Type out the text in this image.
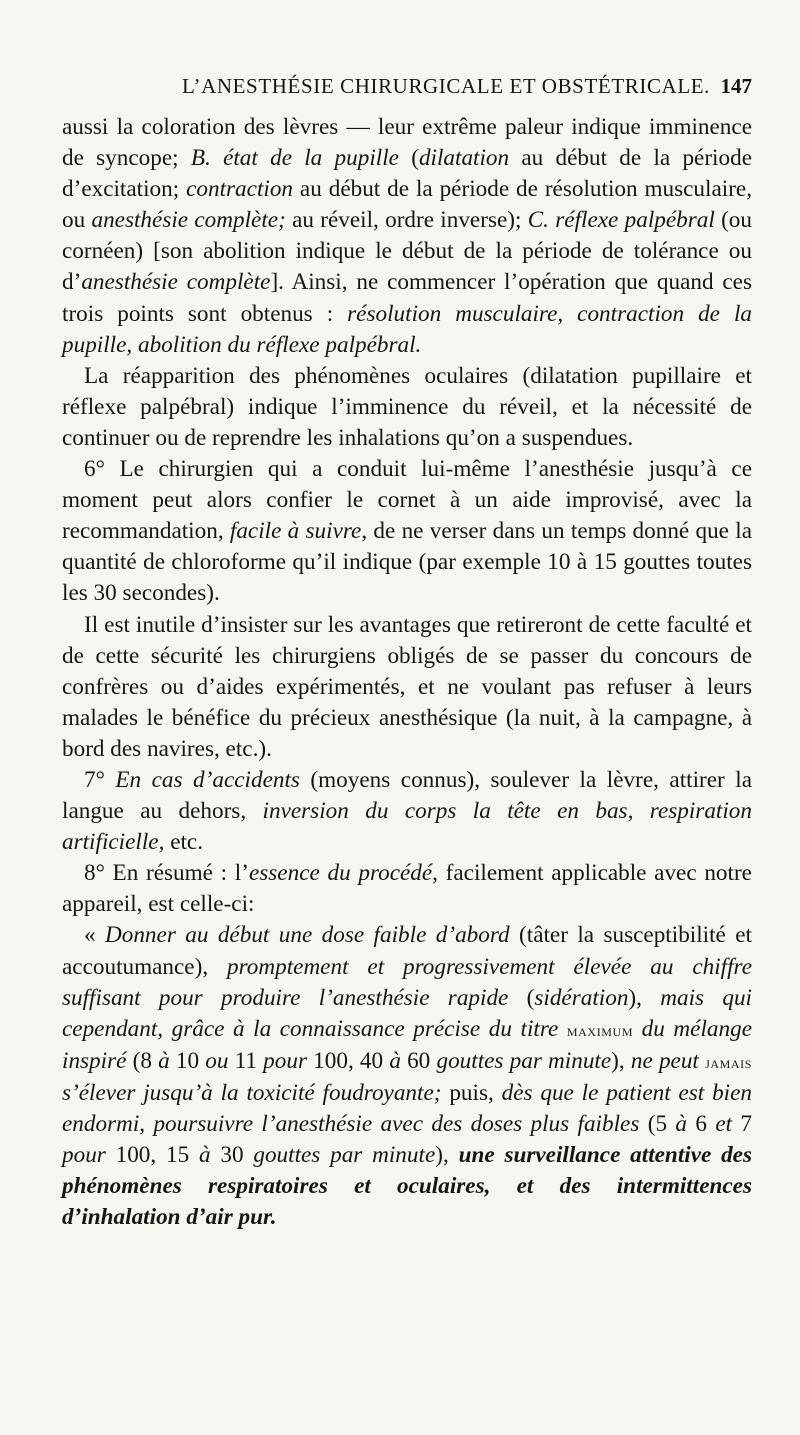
L’ANESTHÉSIE CHIRURGICALE ET OBSTÉTRICALE. 147

aussi la coloration des lèvres — leur extrême paleur indique imminence de syncope; B. état de la pupille (dilatation au début de la période d’excitation; contraction au début de la période de résolution musculaire, ou anesthésie complète; au réveil, ordre inverse); C. réflexe palpébral (ou cornéen) [son abolition indique le début de la période de tolérance ou d’anesthésie complète]. Ainsi, ne commencer l’opération que quand ces trois points sont obtenus : résolution musculaire, contraction de la pupille, abolition du réflexe palpébral.

La réapparition des phénomènes oculaires (dilatation pupillaire et réflexe palpébral) indique l’imminence du réveil, et la nécessité de continuer ou de reprendre les inhalations qu’on a suspendues.

6° Le chirurgien qui a conduit lui-même l’anesthésie jusqu’à ce moment peut alors confier le cornet à un aide improvisé, avec la recommandation, facile à suivre, de ne verser dans un temps donné que la quantité de chloroforme qu’il indique (par exemple 10 à 15 gouttes toutes les 30 secondes).

Il est inutile d’insister sur les avantages que retireront de cette faculté et de cette sécurité les chirurgiens obligés de se passer du concours de confrères ou d’aides expérimentés, et ne voulant pas refuser à leurs malades le bénéfice du précieux anesthésique (la nuit, à la campagne, à bord des navires, etc.).

7° En cas d’accidents (moyens connus), soulever la lèvre, attirer la langue au dehors, inversion du corps la tête en bas, respiration artificielle, etc.

8° En résumé : l’essence du procédé, facilement applicable avec notre appareil, est celle-ci:

« Donner au début une dose faible d’abord (tâter la susceptibilité et accoutumance), promptement et progressivement élevée au chiffre suffisant pour produire l’anesthésie rapide (sidération), mais qui cependant, grâce à la connaissance précise du titre maximum du mélange inspiré (8 à 10 ou 11 pour 100, 40 à 60 gouttes par minute), ne peut jamais s’élever jusqu’à la toxicité foudroyante; puis, dès que le patient est bien endormi, poursuivre l’anesthésie avec des doses plus faibles (5 à 6 et 7 pour 100, 15 à 30 gouttes par minute), une surveillance attentive des phénomènes respiratoires et oculaires, et des intermittences d’inhalation d’air pur.
